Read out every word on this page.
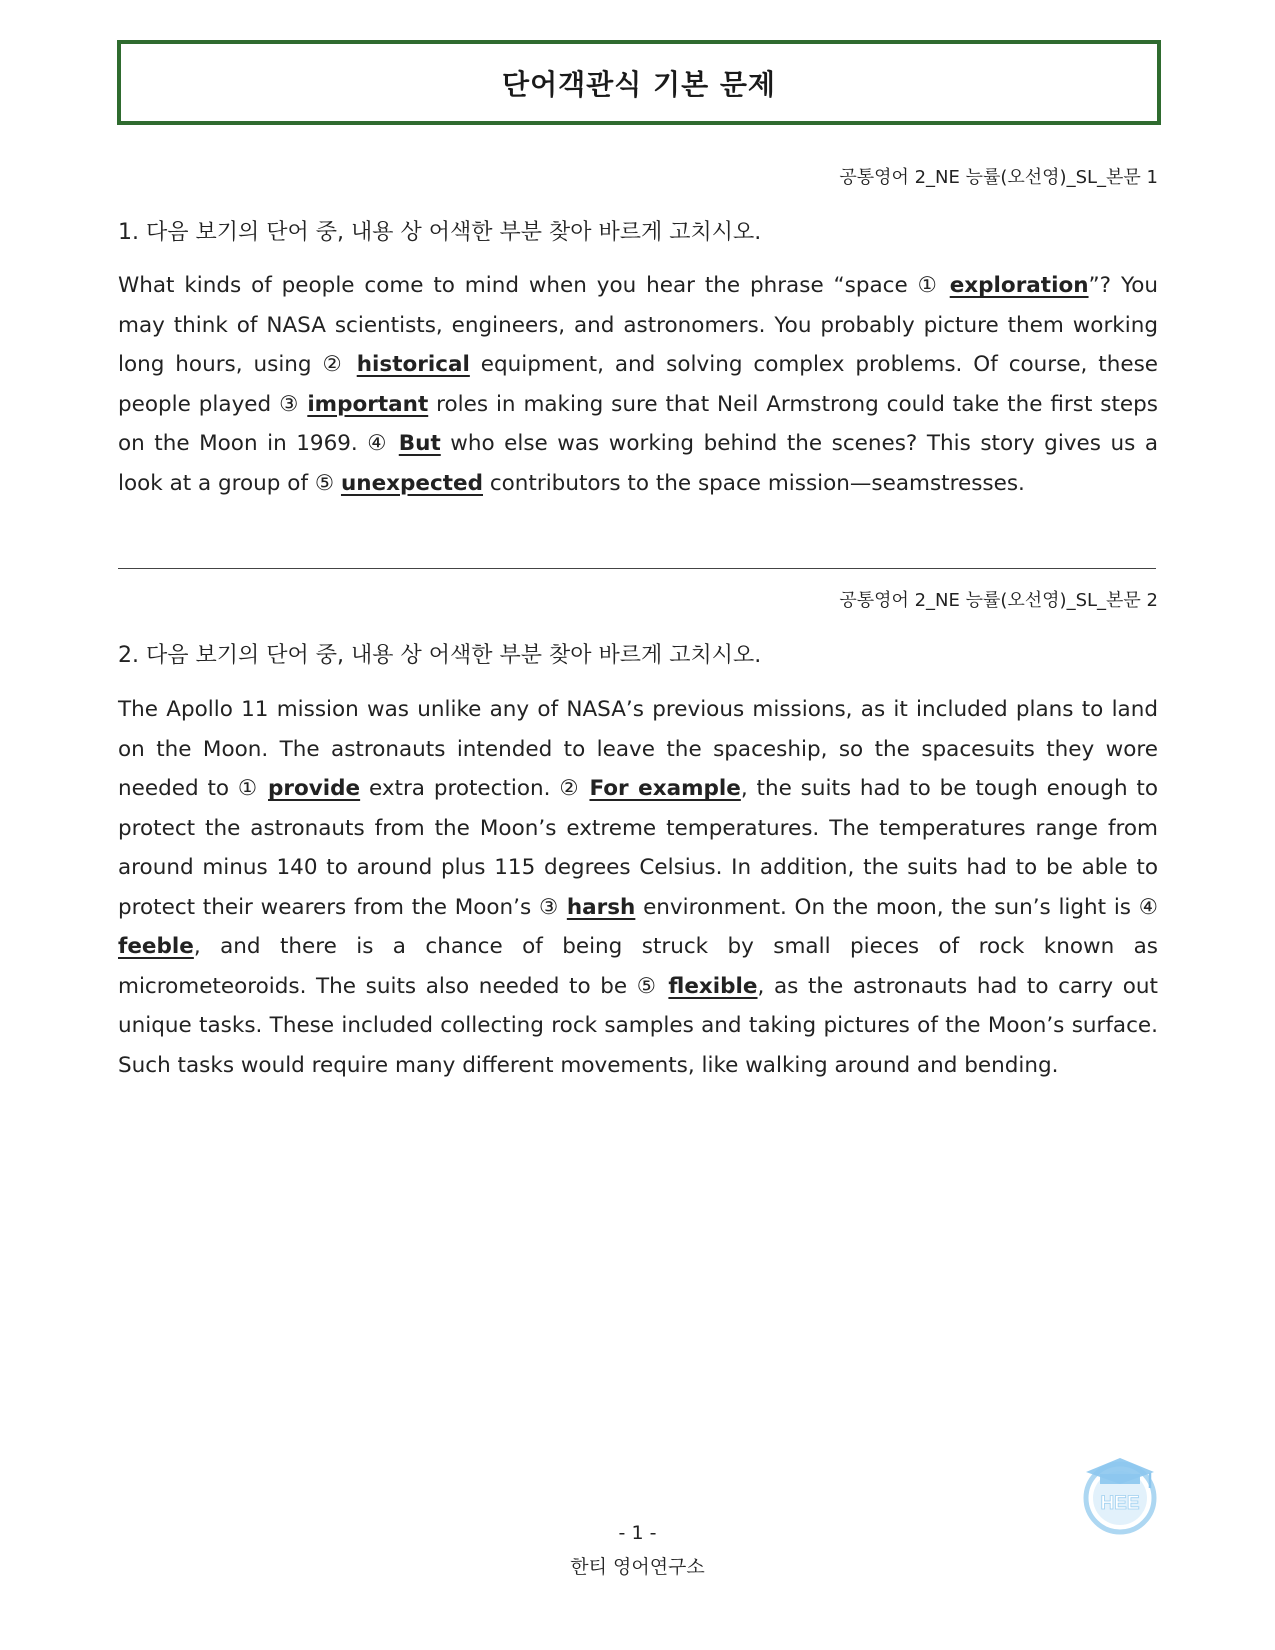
단어객관식 기본 문제
공통영어 2_NE 능률(오선영)_SL_본문 1
1. 다음 보기의 단어 중, 내용 상 어색한 부분 찾아 바르게 고치시오.

What kinds of people come to mind when you hear the phrase “space ① exploration”? You may think of NASA scientists, engineers, and astronomers. You probably picture them working long hours, using ② historical equipment, and solving complex problems. Of course, these people played ③ important roles in making sure that Neil Armstrong could take the first steps on the Moon in 1969. ④ But who else was working behind the scenes? This story gives us a look at a group of ⑤ unexpected contributors to the space mission—seamstresses.

공통영어 2_NE 능률(오선영)_SL_본문 2
2. 다음 보기의 단어 중, 내용 상 어색한 부분 찾아 바르게 고치시오.

The Apollo 11 mission was unlike any of NASA’s previous missions, as it included plans to land on the Moon. The astronauts intended to leave the spaceship, so the spacesuits they wore needed to ① provide extra protection. ② For example, the suits had to be tough enough to protect the astronauts from the Moon’s extreme temperatures. The temperatures range from around minus 140 to around plus 115 degrees Celsius. In addition, the suits had to be able to protect their wearers from the Moon’s ③ harsh environment. On the moon, the sun’s light is ④ feeble, and there is a chance of being struck by small pieces of rock known as micrometeoroids. The suits also needed to be ⑤ flexible, as the astronauts had to carry out unique tasks. These included collecting rock samples and taking pictures of the Moon’s surface. Such tasks would require many different movements, like walking around and bending.

HEE
- 1 -
한티 영어연구소
